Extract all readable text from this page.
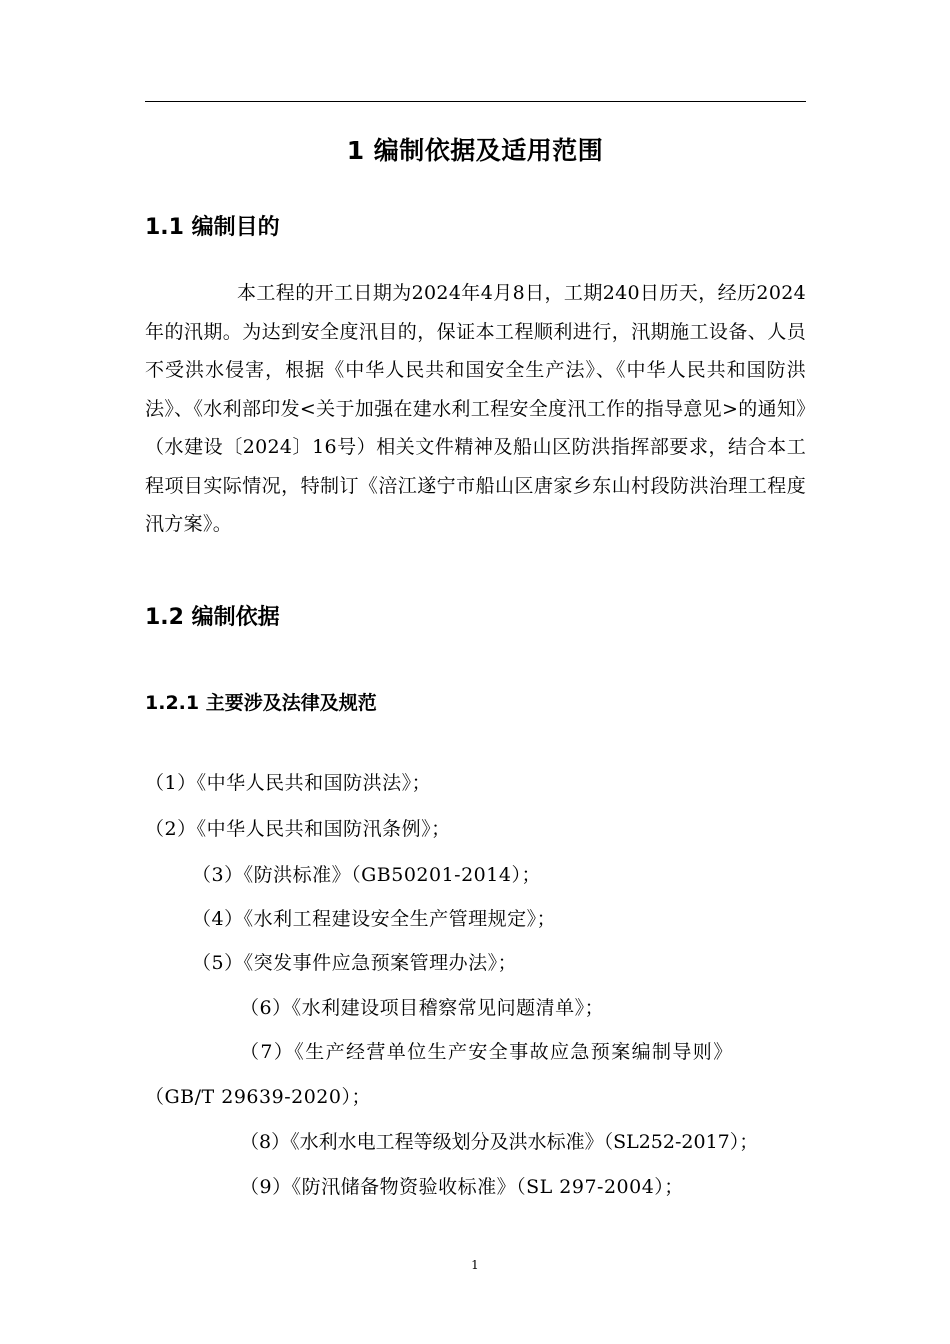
1 编制依据及适用范围
1.1 编制目的
本工程的开工日期为2024年4月8日，工期240日历天，经历2024年的汛期。为达到安全度汛目的，保证本工程顺利进行，汛期施工设备、人员不受洪水侵害，根据《中华人民共和国安全生产法》、《中华人民共和国防洪法》、《水利部印发<关于加强在建水利工程安全度汛工作的指导意见>的通知》（水建设〔2024〕16号）相关文件精神及船山区防洪指挥部要求，结合本工程项目实际情况，特制订《涪江遂宁市船山区唐家乡东山村段防洪治理工程度汛方案》。
1.2 编制依据
1.2.1 主要涉及法律及规范
（1）《中华人民共和国防洪法》；
（2）《中华人民共和国防汛条例》；
（3）《防洪标准》（GB50201-2014）；
（4）《水利工程建设安全生产管理规定》；
（5）《突发事件应急预案管理办法》；
（6）《水利建设项目稽察常见问题清单》；
（7）《生产经营单位生产安全事故应急预案编制导则》
（GB/T 29639-2020）；
（8）《水利水电工程等级划分及洪水标准》（SL252-2017）；
（9）《防汛储备物资验收标准》（SL 297-2004）；
1
